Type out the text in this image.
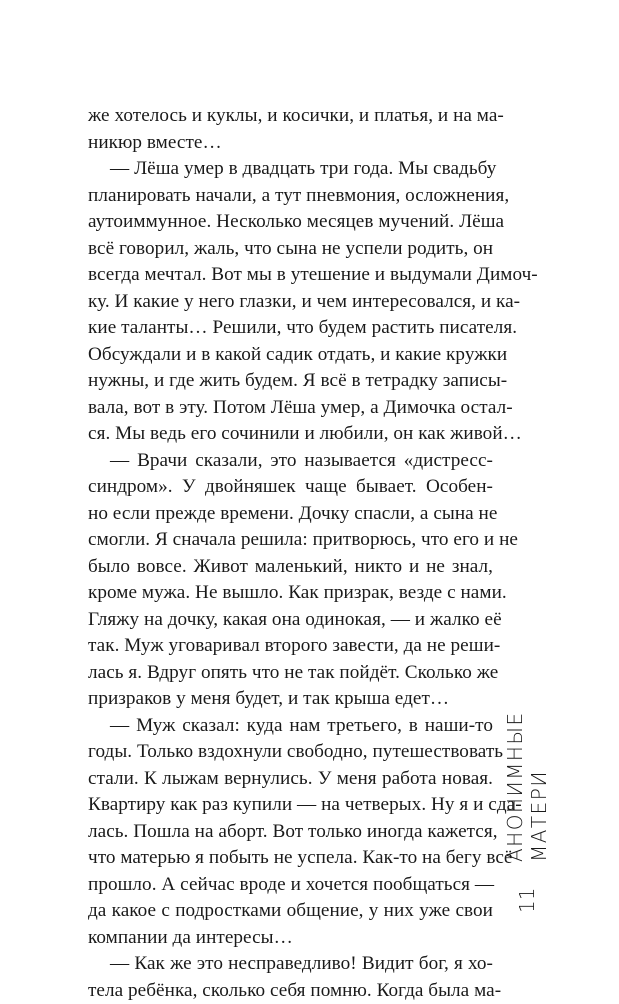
же хотелось и куклы, и косички, и платья, и на ма-
никюр вместе…
— Лёша умер в двадцать три года. Мы свадьбу
планировать начали, а тут пневмония, осложнения,
аутоиммунное. Несколько месяцев мучений. Лёша
всё говорил, жаль, что сына не успели родить, он
всегда мечтал. Вот мы в утешение и выдумали Димоч-
ку. И какие у него глазки, и чем интересовался, и ка-
кие таланты… Решили, что будем растить писателя.
Обсуждали и в какой садик отдать, и какие кружки
нужны, и где жить будем. Я всё в тетрадку записы-
вала, вот в эту. Потом Лёша умер, а Димочка остал-
ся. Мы ведь его сочинили и любили, он как живой…
— Врачи сказали, это называется «дистресс-
синдром». У двойняшек чаще бывает. Особен-
но если прежде времени. Дочку спасли, а сына не
смогли. Я сначала решила: притворюсь, что его и не
было вовсе. Живот маленький, никто и не знал,
кроме мужа. Не вышло. Как призрак, везде с нами.
Гляжу на дочку, какая она одинокая, — и жалко её
так. Муж уговаривал второго завести, да не реши-
лась я. Вдруг опять что не так пойдёт. Сколько же
призраков у меня будет, и так крыша едет…
— Муж сказал: куда нам третьего, в наши-то
годы. Только вздохнули свободно, путешествовать
стали. К лыжам вернулись. У меня работа новая.
Квартиру как раз купили — на четверых. Ну я и сда-
лась. Пошла на аборт. Вот только иногда кажется,
что матерью я побыть не успела. Как-то на бегу всё
прошло. А сейчас вроде и хочется пообщаться —
да какое с подростками общение, у них уже свои
компании да интересы…
— Как же это несправедливо! Видит бог, я хо-
тела ребёнка, сколько себя помню. Когда была ма-
АНОНИМНЫЕ МАТЕРИ
11
